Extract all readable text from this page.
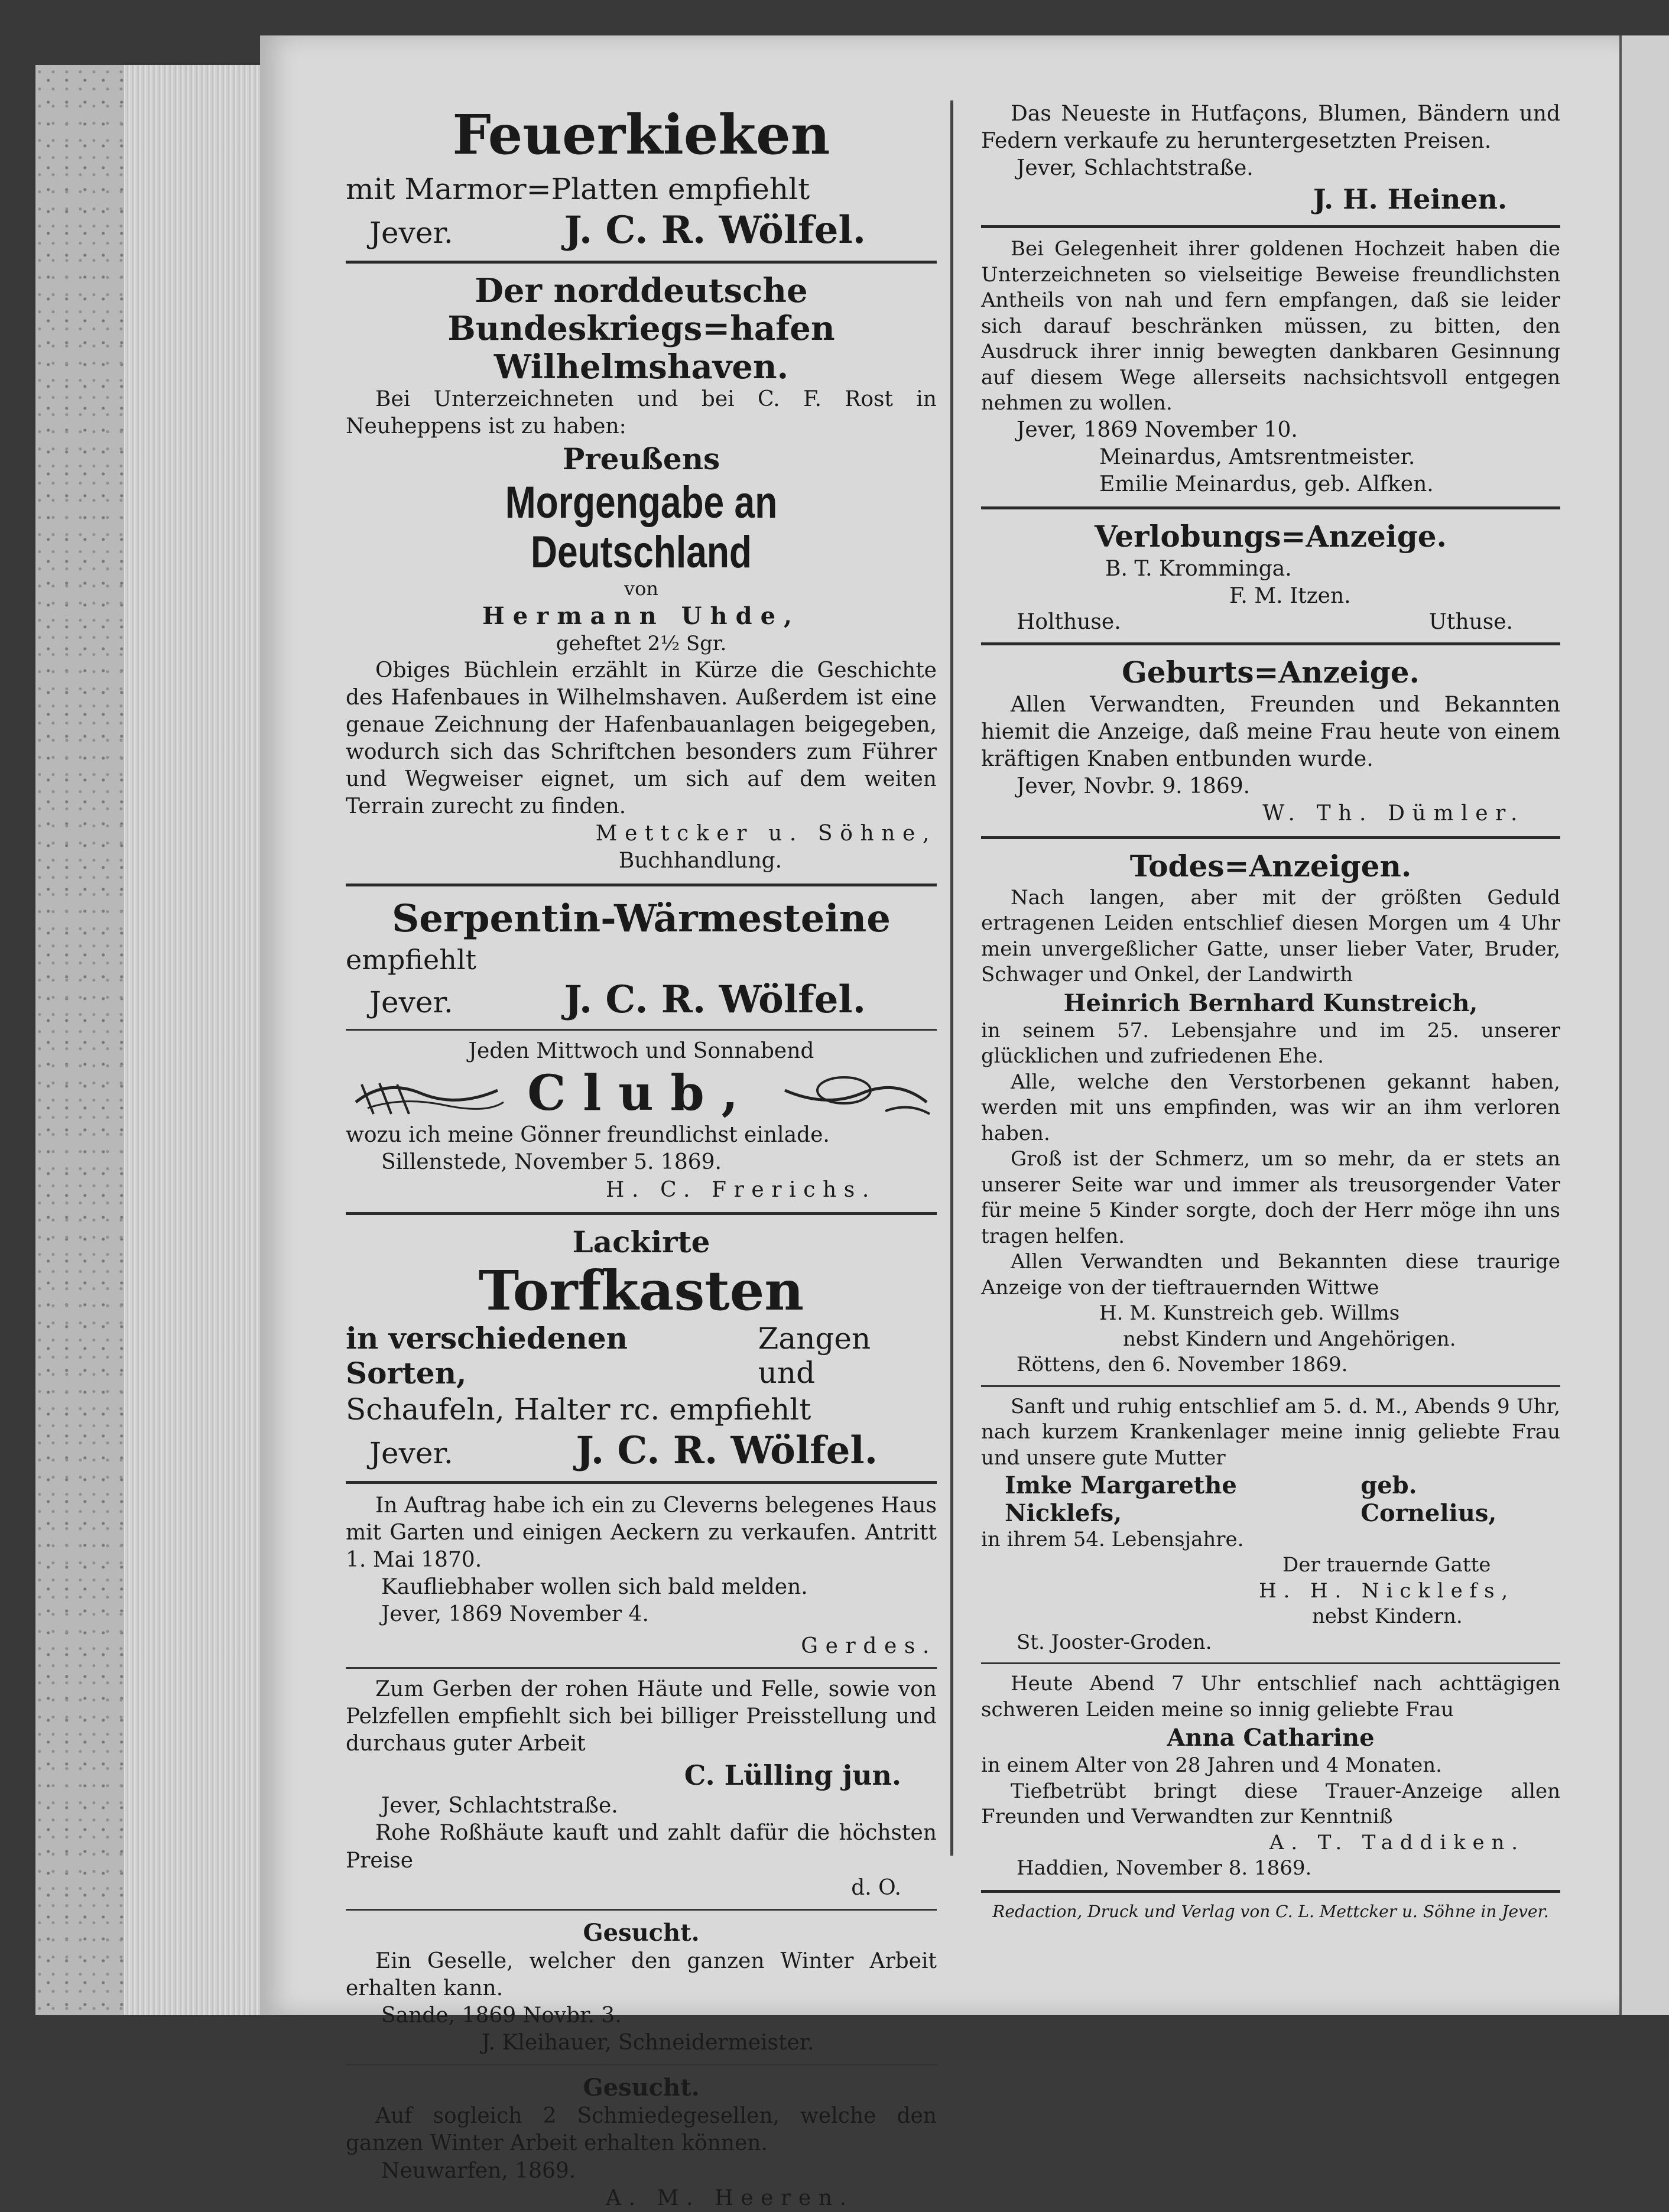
Feuerkieken

mit Marmor=Platten empfiehlt

Jever.	J. C. R. Wölfel.

Der norddeutsche Bundeskriegs=hafen Wilhelmshaven.

Bei Unterzeichneten und bei C. F. Rost in Neuheppens ist zu haben:

Preußens

Morgengabe an Deutschland

von

Hermann Uhde,

geheftet 2½ Sgr.

Obiges Büchlein erzählt in Kürze die Geschichte des Hafenbaues in Wilhelmshaven. Außerdem ist eine genaue Zeichnung der Hafenbauanlagen beigegeben, wodurch sich das Schriftchen besonders zum Führer und Wegweiser eignet, um sich auf dem weiten Terrain zurecht zu finden.

Mettcker u. Söhne,

Buchhandlung.

Serpentin-Wärmesteine

empfiehlt

Jever.	J. C. R. Wölfel.

Jeden Mittwoch und Sonnabend

Club,

wozu ich meine Gönner freundlichst einlade.

Sillenstede, November 5. 1869.

H. C. Frerichs.

Lackirte

Torfkasten

in verschiedenen Sorten,
Zangen und

Schaufeln, Halter rc. empfiehlt

Jever.	J. C. R. Wölfel.

In Auftrag habe ich ein zu Cleverns belegenes Haus mit Garten und einigen Aeckern zu verkaufen. Antritt 1. Mai 1870.

Kaufliebhaber wollen sich bald melden.

Jever, 1869 November 4.

Gerdes.

Zum Gerben der rohen Häute und Felle, sowie von Pelzfellen empfiehlt sich bei billiger Preisstellung und durchaus guter Arbeit

C. Lülling jun.

Jever, Schlachtstraße.

Rohe Roßhäute kauft und zahlt dafür die höchsten Preise

d. O.

Gesucht.

Ein Geselle, welcher den ganzen Winter Arbeit erhalten kann.

Sande, 1869 Novbr. 3.

J. Kleihauer, Schneidermeister.

Gesucht.

Auf sogleich 2 Schmiedegesellen, welche den ganzen Winter Arbeit erhalten können.

Neuwarfen, 1869.

A. M. Heeren.

Das Neueste in Hutfaçons, Blumen, Bändern und Federn verkaufe zu heruntergesetzten Preisen.

Jever, Schlachtstraße.

J. H. Heinen.

Bei Gelegenheit ihrer goldenen Hochzeit haben die Unterzeichneten so vielseitige Beweise freundlichsten Antheils von nah und fern empfangen, daß sie leider sich darauf beschränken müssen, zu bitten, den Ausdruck ihrer innig bewegten dankbaren Gesinnung auf diesem Wege allerseits nachsichtsvoll entgegen nehmen zu wollen.

Jever, 1869 November 10.

Meinardus, Amtsrentmeister.

Emilie Meinardus, geb. Alfken.

Verlobungs=Anzeige.

B. T. Kromminga.

F. M. Itzen.

Holthuse.	Uthuse.

Geburts=Anzeige.

Allen Verwandten, Freunden und Bekannten hiemit die Anzeige, daß meine Frau heute von einem kräftigen Knaben entbunden wurde.

Jever, Novbr. 9. 1869.

W. Th. Dümler.

Todes=Anzeigen.

Nach langen, aber mit der größten Geduld ertragenen Leiden entschlief diesen Morgen um 4 Uhr mein unvergeßlicher Gatte, unser lieber Vater, Bruder, Schwager und Onkel, der Landwirth

Heinrich Bernhard Kunstreich,

in seinem 57. Lebensjahre und im 25. unserer glücklichen und zufriedenen Ehe.

Alle, welche den Verstorbenen gekannt haben, werden mit uns empfinden, was wir an ihm verloren haben.

Groß ist der Schmerz, um so mehr, da er stets an unserer Seite war und immer als treusorgender Vater für meine 5 Kinder sorgte, doch der Herr möge ihn uns tragen helfen.

Allen Verwandten und Bekannten diese traurige Anzeige von der tieftrauernden Wittwe

H. M. Kunstreich geb. Willms

nebst Kindern und Angehörigen.

Röttens, den 6. November 1869.

Sanft und ruhig entschlief am 5. d. M., Abends 9 Uhr, nach kurzem Krankenlager meine innig geliebte Frau und unsere gute Mutter

Imke Margarethe Nicklefs,
geb. Cornelius,

in ihrem 54. Lebensjahre.

Der trauernde Gatte

H. H. Nicklefs,

nebst Kindern.

St. Jooster-Groden.

Heute Abend 7 Uhr entschlief nach achttägigen schweren Leiden meine so innig geliebte Frau

Anna Catharine

in einem Alter von 28 Jahren und 4 Monaten.

Tiefbetrübt bringt diese Trauer-Anzeige allen Freunden und Verwandten zur Kenntniß

A. T. Taddiken.

Haddien, November 8. 1869.

Redaction, Druck und Verlag von C. L. Mettcker u. Söhne in Jever.
